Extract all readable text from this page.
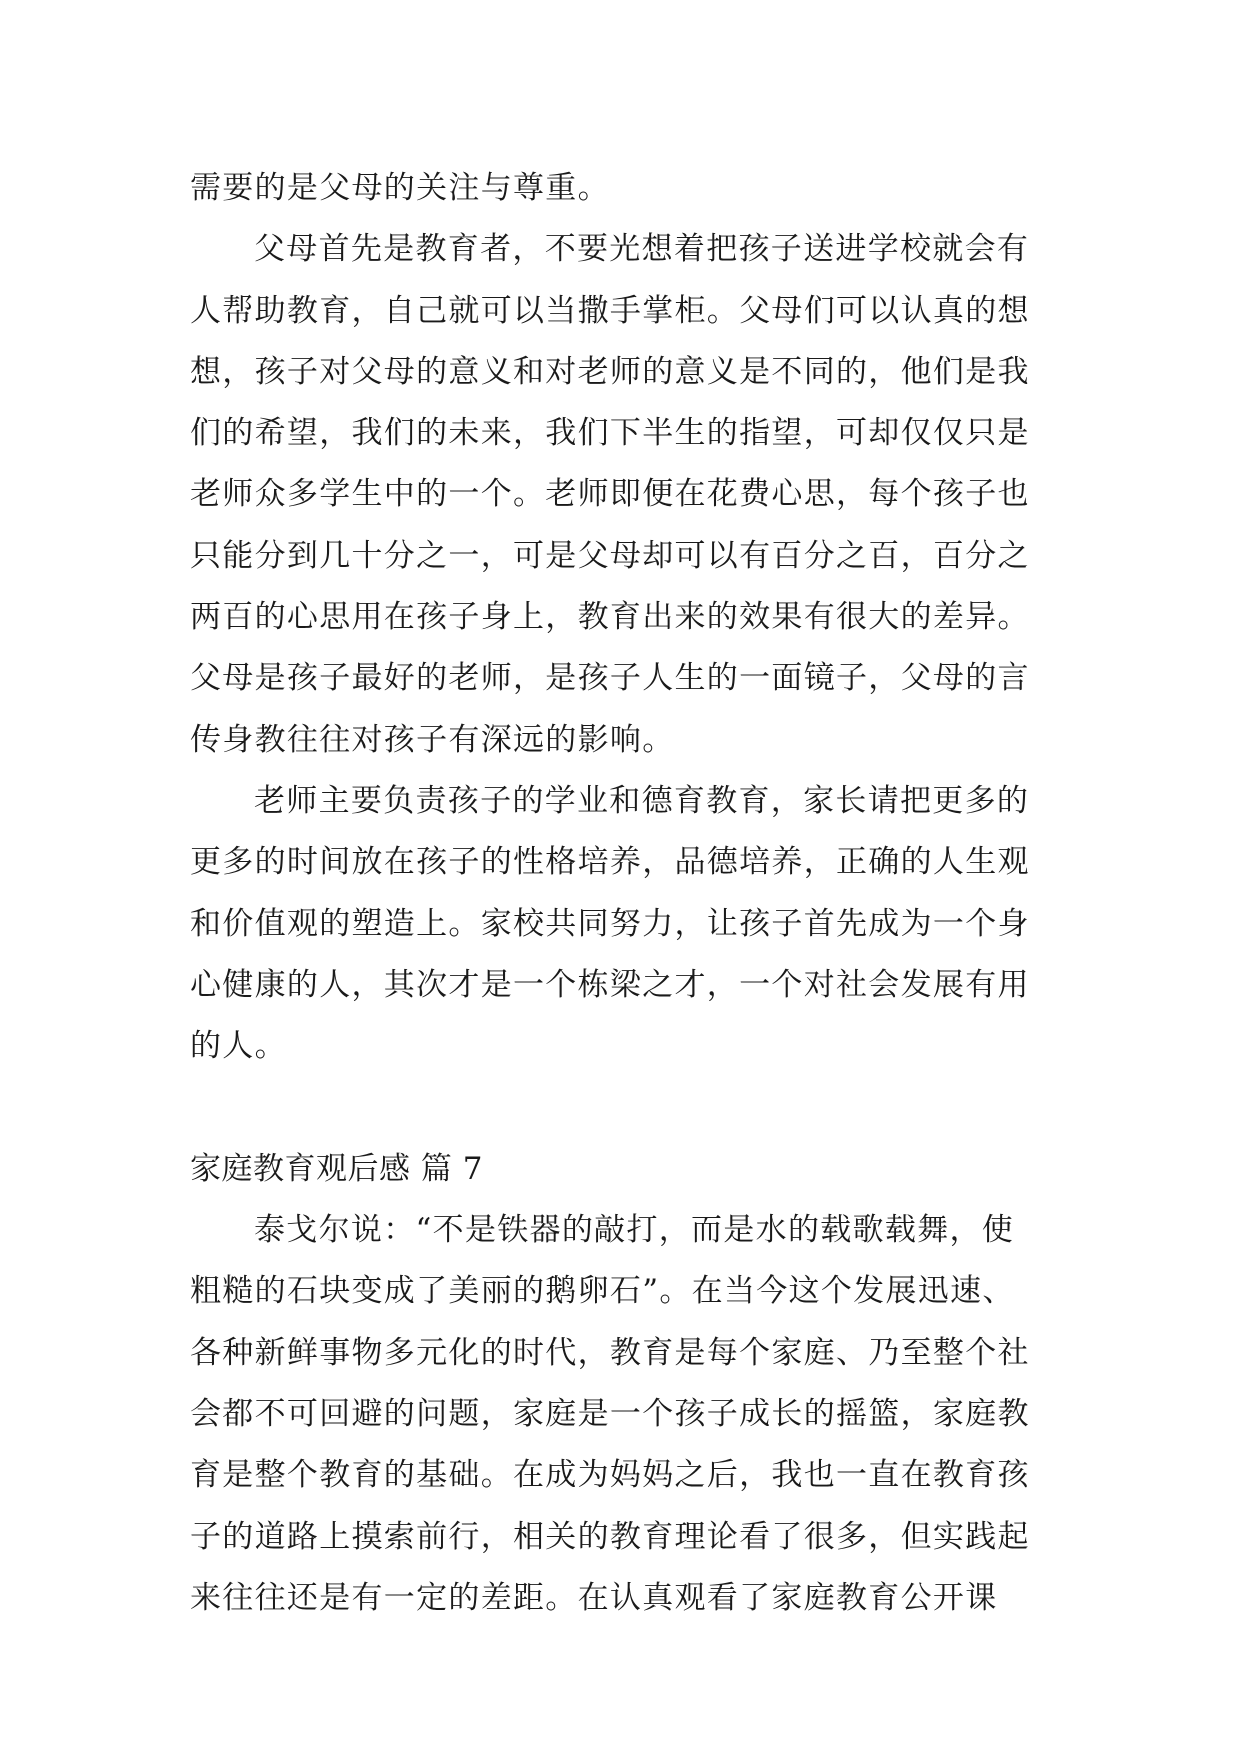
需要的是父母的关注与尊重。
父母首先是教育者，不要光想着把孩子送进学校就会有
人帮助教育，自己就可以当撒手掌柜。父母们可以认真的想
想，孩子对父母的意义和对老师的意义是不同的，他们是我
们的希望，我们的未来，我们下半生的指望，可却仅仅只是
老师众多学生中的一个。老师即便在花费心思，每个孩子也
只能分到几十分之一，可是父母却可以有百分之百，百分之
两百的心思用在孩子身上，教育出来的效果有很大的差异。
父母是孩子最好的老师，是孩子人生的一面镜子，父母的言
传身教往往对孩子有深远的影响。
老师主要负责孩子的学业和德育教育，家长请把更多的
更多的时间放在孩子的性格培养，品德培养，正确的人生观
和价值观的塑造上。家校共同努力，让孩子首先成为一个身
心健康的人，其次才是一个栋梁之才，一个对社会发展有用
的人。
家庭教育观后感 篇 7
泰戈尔说：“不是铁器的敲打，而是水的载歌载舞，使
粗糙的石块变成了美丽的鹅卵石”。在当今这个发展迅速、
各种新鲜事物多元化的时代，教育是每个家庭、乃至整个社
会都不可回避的问题，家庭是一个孩子成长的摇篮，家庭教
育是整个教育的基础。在成为妈妈之后，我也一直在教育孩
子的道路上摸索前行，相关的教育理论看了很多，但实践起
来往往还是有一定的差距。在认真观看了家庭教育公开课
